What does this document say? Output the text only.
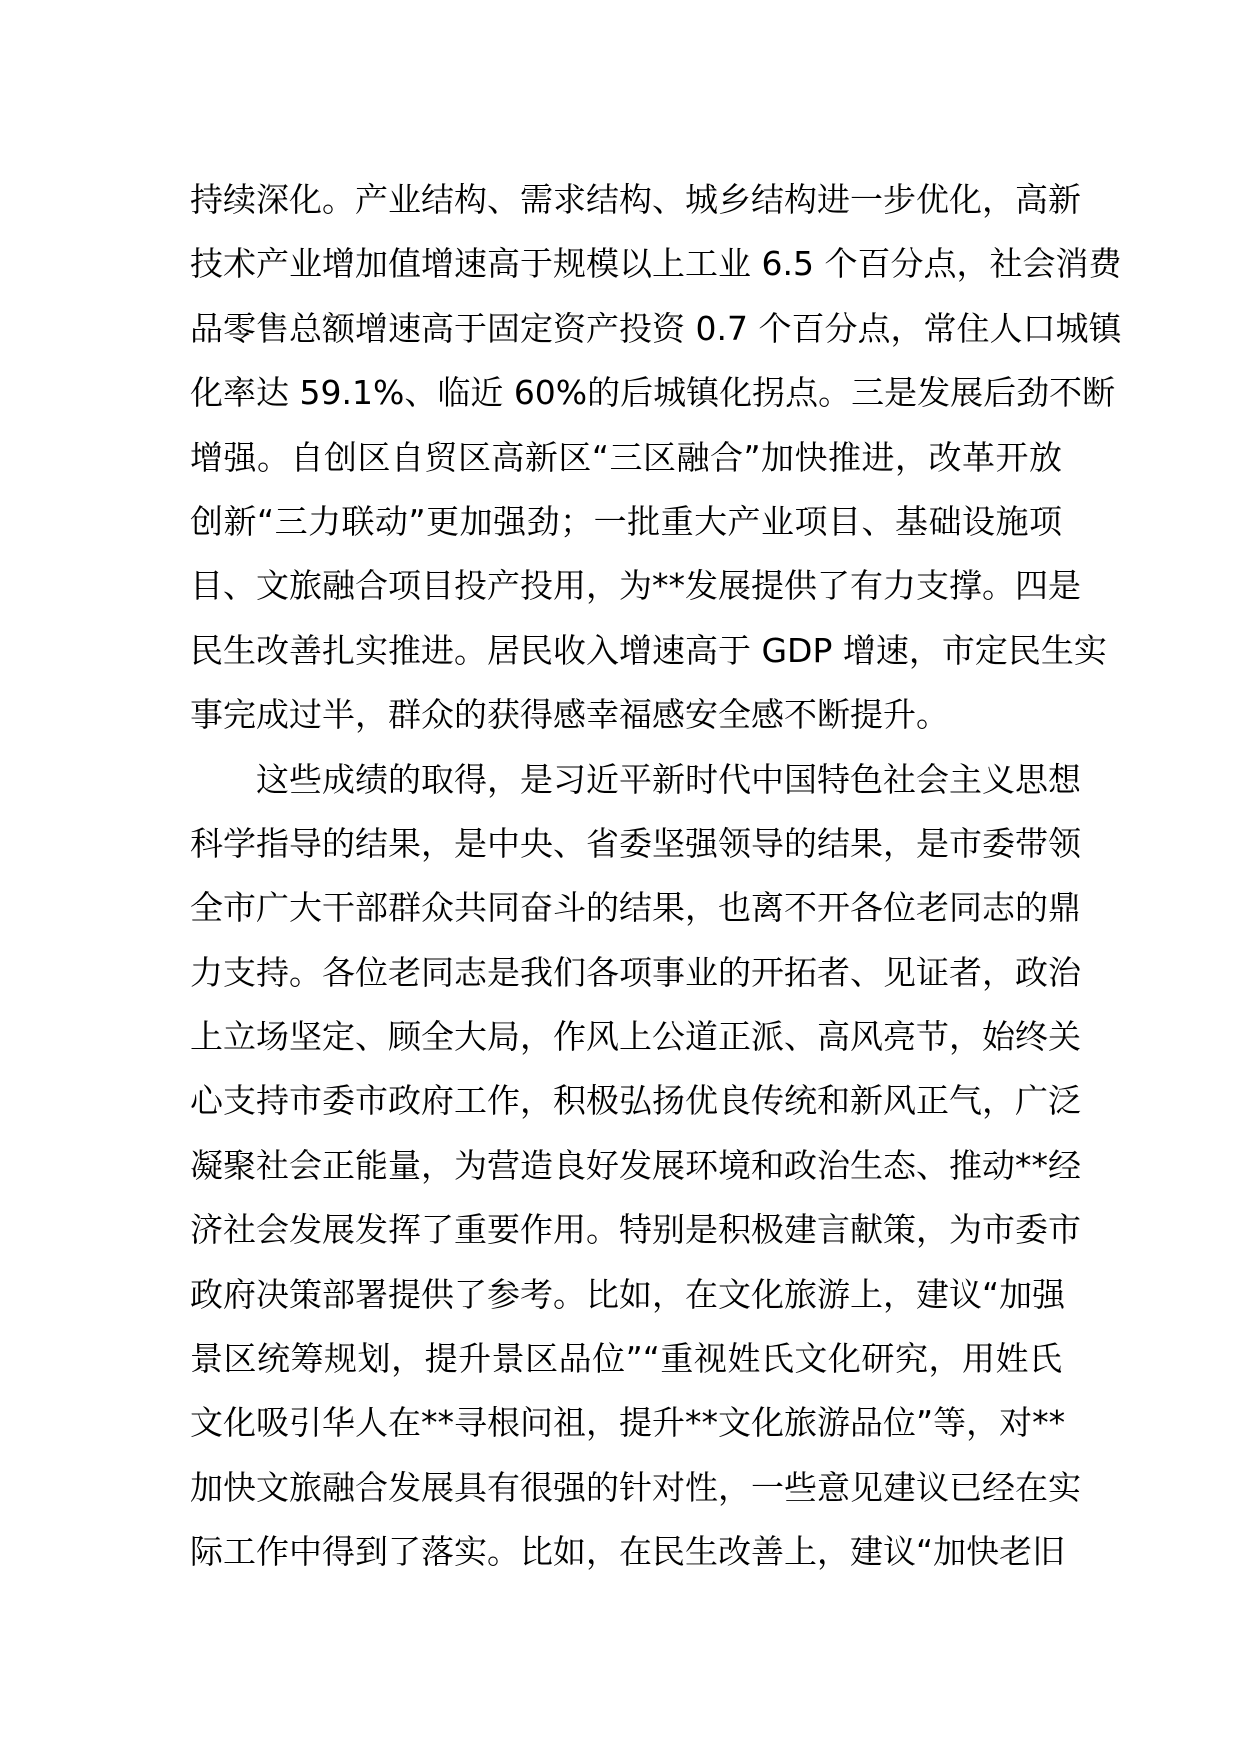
持续深化。产业结构、需求结构、城乡结构进一步优化，高新
技术产业增加值增速高于规模以上工业 6.5 个百分点，社会消费
品零售总额增速高于固定资产投资 0.7 个百分点，常住人口城镇
化率达 59.1%、临近 60%的后城镇化拐点。三是发展后劲不断
增强。自创区自贸区高新区“三区融合”加快推进，改革开放
创新“三力联动”更加强劲；一批重大产业项目、基础设施项
目、文旅融合项目投产投用，为**发展提供了有力支撑。四是
民生改善扎实推进。居民收入增速高于 GDP 增速，市定民生实
事完成过半，群众的获得感幸福感安全感不断提升。
这些成绩的取得，是习近平新时代中国特色社会主义思想
科学指导的结果，是中央、省委坚强领导的结果，是市委带领
全市广大干部群众共同奋斗的结果，也离不开各位老同志的鼎
力支持。各位老同志是我们各项事业的开拓者、见证者，政治
上立场坚定、顾全大局，作风上公道正派、高风亮节，始终关
心支持市委市政府工作，积极弘扬优良传统和新风正气，广泛
凝聚社会正能量，为营造良好发展环境和政治生态、推动**经
济社会发展发挥了重要作用。特别是积极建言献策，为市委市
政府决策部署提供了参考。比如，在文化旅游上，建议“加强
景区统筹规划，提升景区品位”“重视姓氏文化研究，用姓氏
文化吸引华人在**寻根问祖，提升**文化旅游品位”等，对**
加快文旅融合发展具有很强的针对性，一些意见建议已经在实
际工作中得到了落实。比如，在民生改善上，建议“加快老旧
